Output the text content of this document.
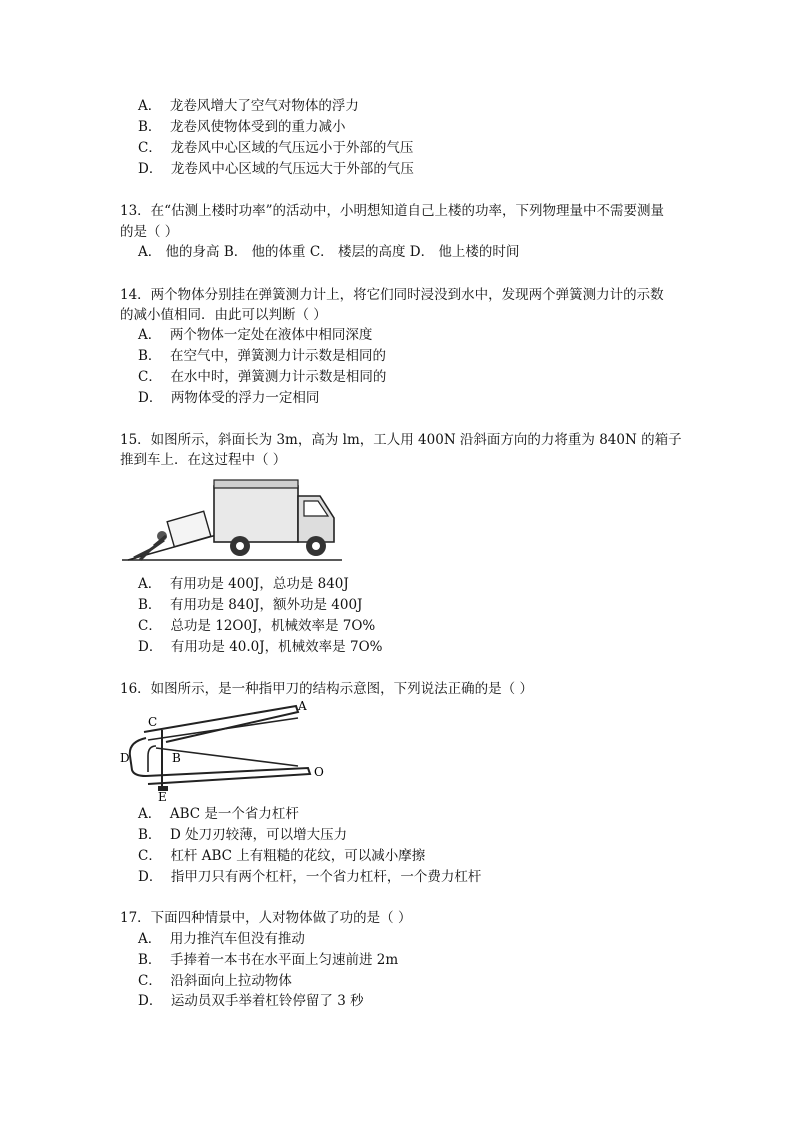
A． 龙卷风增大了空气对物体的浮力
B． 龙卷风使物体受到的重力减小
C． 龙卷风中心区域的气压远小于外部的气压
D． 龙卷风中心区域的气压远大于外部的气压
13．在“估测上楼时功率”的活动中，小明想知道自己上楼的功率，下列物理量中不需要测量
的是（ ）
A． 他的身高 B． 他的体重 C． 楼层的高度 D． 他上楼的时间
14．两个物体分别挂在弹簧测力计上，将它们同时浸没到水中，发现两个弹簧测力计的示数
的减小值相同．由此可以判断（ ）
A． 两个物体一定处在液体中相同深度
B． 在空气中，弹簧测力计示数是相同的
C． 在水中时，弹簧测力计示数是相同的
D． 两物体受的浮力一定相同
15．如图所示，斜面长为 3m，高为 lm，工人用 400N 沿斜面方向的力将重为 840N 的箱子
推到车上．在这过程中（ ）
A． 有用功是 400J，总功是 840J
B． 有用功是 840J，额外功是 400J
C． 总功是 12O0J，机械效率是 7O%
D． 有用功是 40.0J，机械效率是 7O%
16．如图所示，是一种指甲刀的结构示意图，下列说法正确的是（ ）
C
A
D	B
E
O
A． ABC 是一个省力杠杆
B． D 处刀刃较薄，可以增大压力
C． 杠杆 ABC 上有粗糙的花纹，可以减小摩擦
D． 指甲刀只有两个杠杆，一个省力杠杆，一个费力杠杆
17．下面四种情景中，人对物体做了功的是（ ）
A． 用力推汽车但没有推动
B． 手捧着一本书在水平面上匀速前进 2m
C． 沿斜面向上拉动物体
D． 运动员双手举着杠铃停留了 3 秒
